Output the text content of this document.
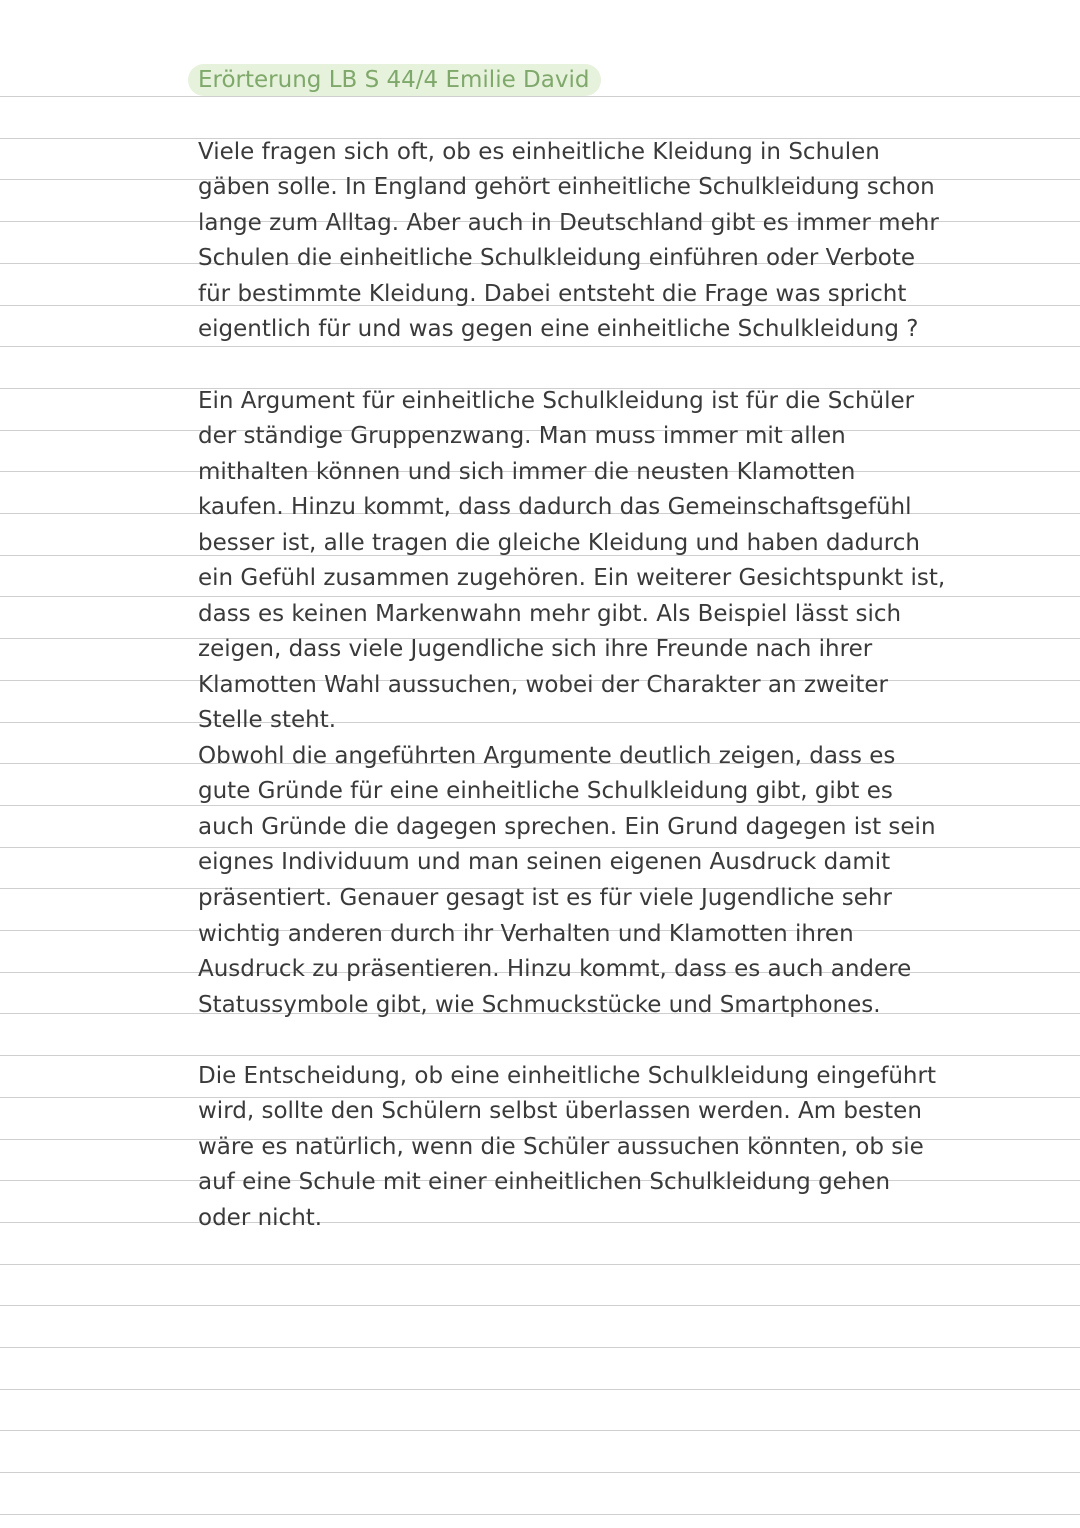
Erörterung LB S 44/4 Emilie David
Viele fragen sich oft, ob es einheitliche Kleidung in Schulen
gäben solle. In England gehört einheitliche Schulkleidung schon
lange zum Alltag. Aber auch in Deutschland gibt es immer mehr
Schulen die einheitliche Schulkleidung einführen oder Verbote
für bestimmte Kleidung. Dabei entsteht die Frage was spricht
eigentlich für und was gegen eine einheitliche Schulkleidung ?
Ein Argument für einheitliche Schulkleidung ist für die Schüler
der ständige Gruppenzwang. Man muss immer mit allen
mithalten können und sich immer die neusten Klamotten
kaufen. Hinzu kommt, dass dadurch das Gemeinschaftsgefühl
besser ist, alle tragen die gleiche Kleidung und haben dadurch
ein Gefühl zusammen zugehören. Ein weiterer Gesichtspunkt ist,
dass es keinen Markenwahn mehr gibt. Als Beispiel lässt sich
zeigen, dass viele Jugendliche sich ihre Freunde nach ihrer
Klamotten Wahl aussuchen, wobei der Charakter an zweiter
Stelle steht.
Obwohl die angeführten Argumente deutlich zeigen, dass es
gute Gründe für eine einheitliche Schulkleidung gibt, gibt es
auch Gründe die dagegen sprechen. Ein Grund dagegen ist sein
eignes Individuum und man seinen eigenen Ausdruck damit
präsentiert. Genauer gesagt ist es für viele Jugendliche sehr
wichtig anderen durch ihr Verhalten und Klamotten ihren
Ausdruck zu präsentieren. Hinzu kommt, dass es auch andere
Statussymbole gibt, wie Schmuckstücke und Smartphones.
Die Entscheidung, ob eine einheitliche Schulkleidung eingeführt
wird, sollte den Schülern selbst überlassen werden. Am besten
wäre es natürlich, wenn die Schüler aussuchen könnten, ob sie
auf eine Schule mit einer einheitlichen Schulkleidung gehen
oder nicht.
